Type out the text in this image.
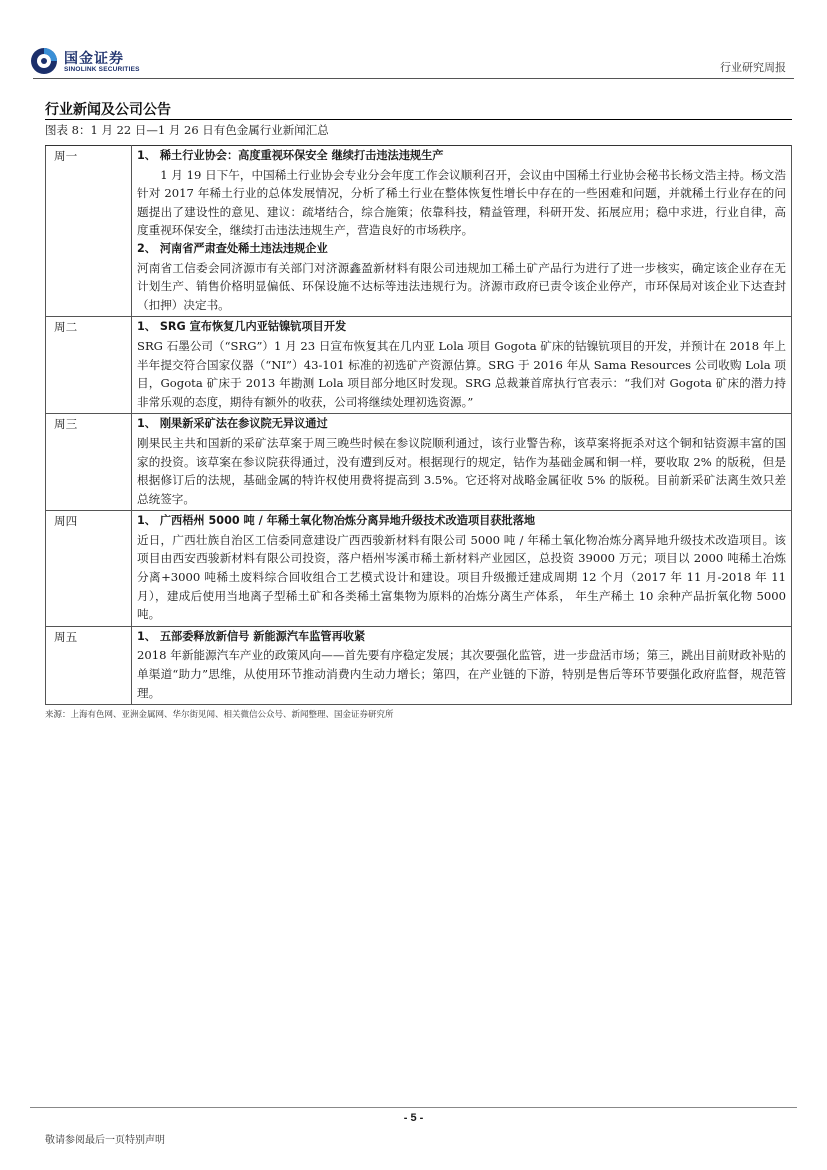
国金证券
SINOLINK SECURITIES	行业研究周报
行业新闻及公司公告
图表 8：1 月 22 日—1 月 26 日有色金属行业新闻汇总
周一	1、 稀土行业协会：高度重视环保安全 继续打击违法违规生产
1 月 19 日下午，中国稀土行业协会专业分会年度工作会议顺利召开，会议由中国稀土行业协会秘书长杨文浩主持。杨文浩针对 2017 年稀土行业的总体发展情况，分析了稀土行业在整体恢复性增长中存在的一些困难和问题，并就稀土行业存在的问题提出了建设性的意见、建议：疏堵结合，综合施策；依靠科技，精益管理，科研开发、拓展应用；稳中求进，行业自律，高度重视环保安全，继续打击违法违规生产，营造良好的市场秩序。
2、 河南省严肃查处稀土违法违规企业
河南省工信委会同济源市有关部门对济源鑫盈新材料有限公司违规加工稀土矿产品行为进行了进一步核实，确定该企业存在无计划生产、销售价格明显偏低、环保设施不达标等违法违规行为。济源市政府已责令该企业停产，市环保局对该企业下达查封（扣押）决定书。

周二	1、 SRG 宣布恢复几内亚钴镍钪项目开发
SRG 石墨公司（“SRG”）1 月 23 日宣布恢复其在几内亚 Lola 项目 Gogota 矿床的钴镍钪项目的开发，并预计在 2018 年上半年提交符合国家仪器（“NI”）43-101 标准的初选矿产资源估算。SRG 于 2016 年从 Sama Resources 公司收购 Lola 项目，Gogota 矿床于 2013 年勘测 Lola 项目部分地区时发现。SRG 总裁兼首席执行官表示：“我们对 Gogota 矿床的潜力持非常乐观的态度，期待有额外的收获，公司将继续处理初选资源。”

周三	1、 刚果新采矿法在参议院无异议通过
刚果民主共和国新的采矿法草案于周三晚些时候在参议院顺利通过，该行业警告称，该草案将扼杀对这个铜和钴资源丰富的国家的投资。该草案在参议院获得通过，没有遭到反对。根据现行的规定，钴作为基础金属和铜一样，要收取 2% 的版税，但是根据修订后的法规，基础金属的特许权使用费将提高到 3.5%。它还将对战略金属征收 5% 的版税。目前新采矿法离生效只差总统签字。

周四	1、 广西梧州 5000 吨 / 年稀土氧化物冶炼分离异地升级技术改造项目获批落地
近日，广西壮族自治区工信委同意建设广西西骏新材料有限公司 5000 吨 / 年稀土氧化物冶炼分离异地升级技术改造项目。该项目由西安西骏新材料有限公司投资，落户梧州岑溪市稀土新材料产业园区，总投资 39000 万元；项目以 2000 吨稀土冶炼分离+3000 吨稀土废料综合回收组合工艺模式设计和建设。项目升级搬迁建成周期 12 个月（2017 年 11 月-2018 年 11 月），建成后使用当地离子型稀土矿和各类稀土富集物为原料的冶炼分离生产体系， 年生产稀土 10 余种产品折氧化物 5000 吨。

周五	1、 五部委释放新信号 新能源汽车监管再收紧
2018 年新能源汽车产业的政策风向——首先要有序稳定发展；其次要强化监管，进一步盘活市场；第三，跳出目前财政补贴的单渠道“助力”思维，从使用环节推动消费内生动力增长；第四，在产业链的下游，特别是售后等环节要强化政府监督，规范管理。
来源：上海有色网、亚洲金属网、华尔街见闻、相关微信公众号、新闻整理、国金证券研究所
- 5 -
敬请参阅最后一页特别声明
